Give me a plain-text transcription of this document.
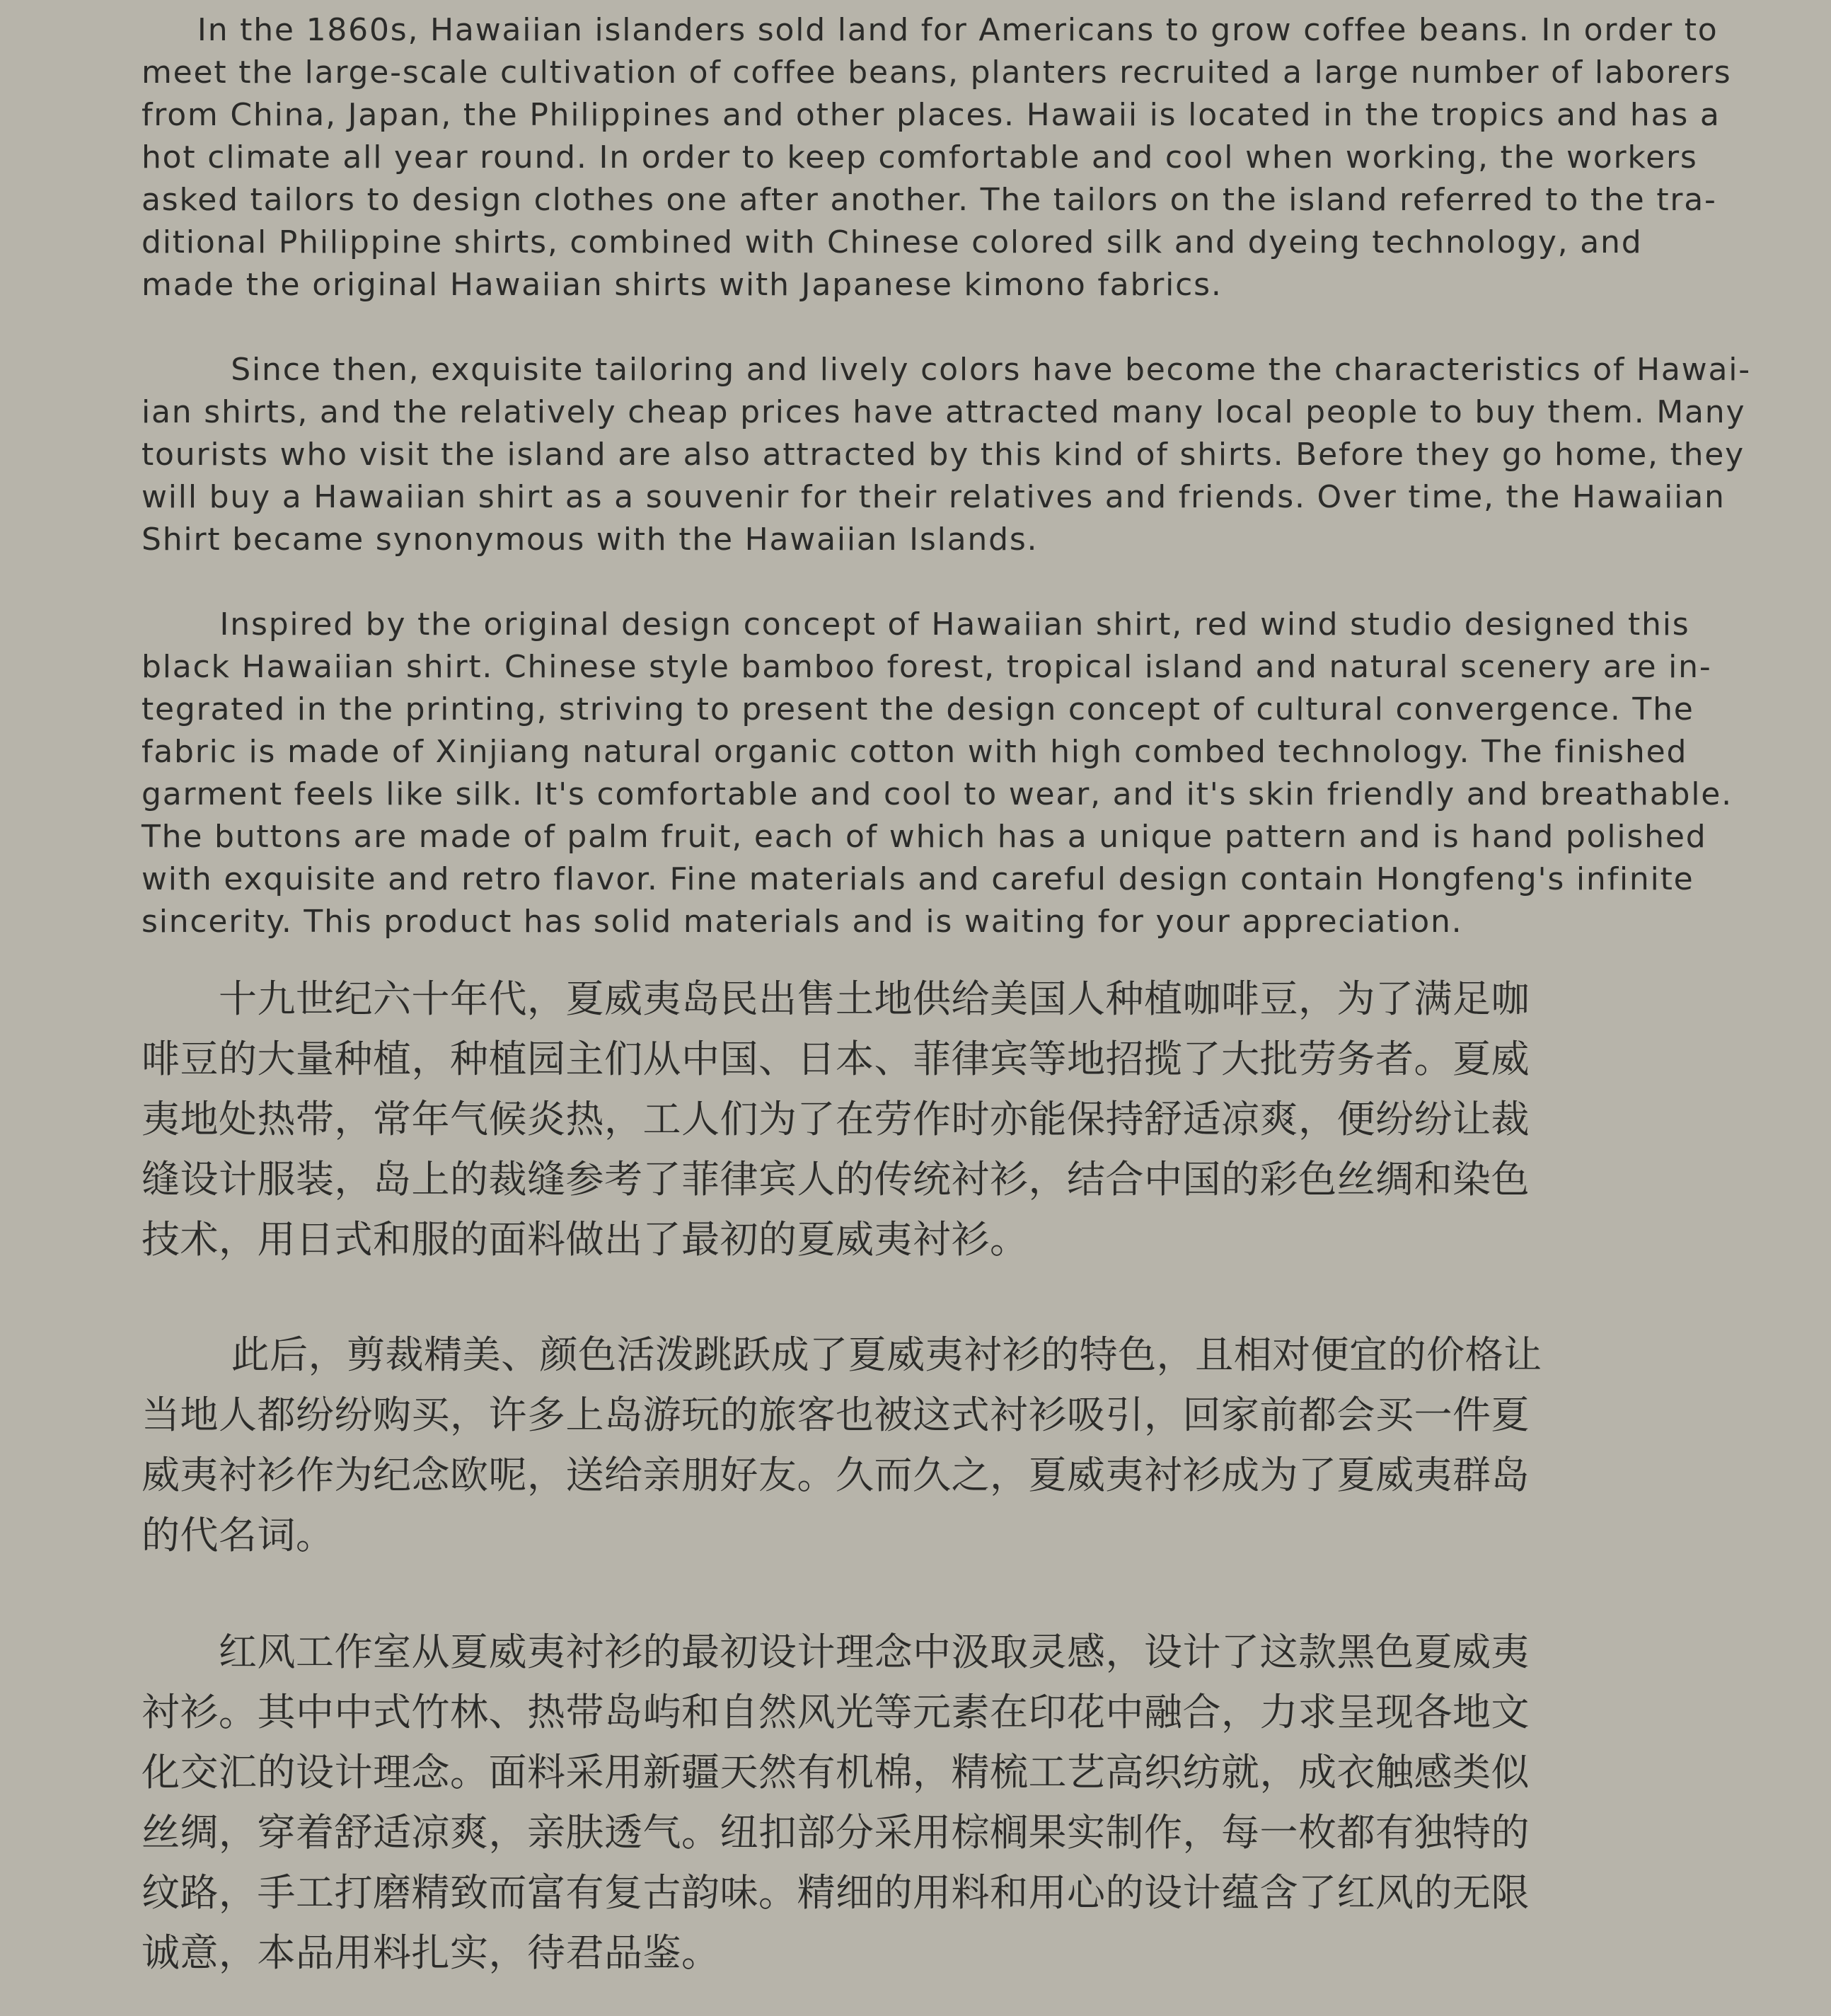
In the 1860s, Hawaiian islanders sold land for Americans to grow coffee beans. In order to
meet the large-scale cultivation of coffee beans, planters recruited a large number of laborers
from China, Japan, the Philippines and other places. Hawaii is located in the tropics and has a
hot climate all year round. In order to keep comfortable and cool when working, the workers
asked tailors to design clothes one after another. The tailors on the island referred to the tra-
ditional Philippine shirts, combined with Chinese colored silk and dyeing technology, and
made the original Hawaiian shirts with Japanese kimono fabrics.
Since then, exquisite tailoring and lively colors have become the characteristics of Hawai-
ian shirts, and the relatively cheap prices have attracted many local people to buy them. Many
tourists who visit the island are also attracted by this kind of shirts. Before they go home, they
will buy a Hawaiian shirt as a souvenir for their relatives and friends. Over time, the Hawaiian
Shirt became synonymous with the Hawaiian Islands.
Inspired by the original design concept of Hawaiian shirt, red wind studio designed this
black Hawaiian shirt. Chinese style bamboo forest, tropical island and natural scenery are in-
tegrated in the printing, striving to present the design concept of cultural convergence. The
fabric is made of Xinjiang natural organic cotton with high combed technology. The finished
garment feels like silk. It's comfortable and cool to wear, and it's skin friendly and breathable.
The buttons are made of palm fruit, each of which has a unique pattern and is hand polished
with exquisite and retro flavor. Fine materials and careful design contain Hongfeng's infinite
sincerity. This product has solid materials and is waiting for your appreciation.
　　十九世纪六十年代，夏威夷岛民出售土地供给美国人种植咖啡豆，为了满足咖
啡豆的大量种植，种植园主们从中国、日本、菲律宾等地招揽了大批劳务者。夏威
夷地处热带，常年气候炎热，工人们为了在劳作时亦能保持舒适凉爽，便纷纷让裁
缝设计服装，岛上的裁缝参考了菲律宾人的传统衬衫，结合中国的彩色丝绸和染色
技术，用日式和服的面料做出了最初的夏威夷衬衫。
　　 此后，剪裁精美、颜色活泼跳跃成了夏威夷衬衫的特色，且相对便宜的价格让
当地人都纷纷购买，许多上岛游玩的旅客也被这式衬衫吸引，回家前都会买一件夏
威夷衬衫作为纪念欧呢，送给亲朋好友。久而久之，夏威夷衬衫成为了夏威夷群岛
的代名词。
　　红风工作室从夏威夷衬衫的最初设计理念中汲取灵感，设计了这款黑色夏威夷
衬衫。其中中式竹林、热带岛屿和自然风光等元素在印花中融合，力求呈现各地文
化交汇的设计理念。面料采用新疆天然有机棉，精梳工艺高织纺就，成衣触感类似
丝绸，穿着舒适凉爽，亲肤透气。纽扣部分采用棕榈果实制作，每一枚都有独特的
纹路，手工打磨精致而富有复古韵味。精细的用料和用心的设计蕴含了红风的无限
诚意，本品用料扎实，待君品鉴。
